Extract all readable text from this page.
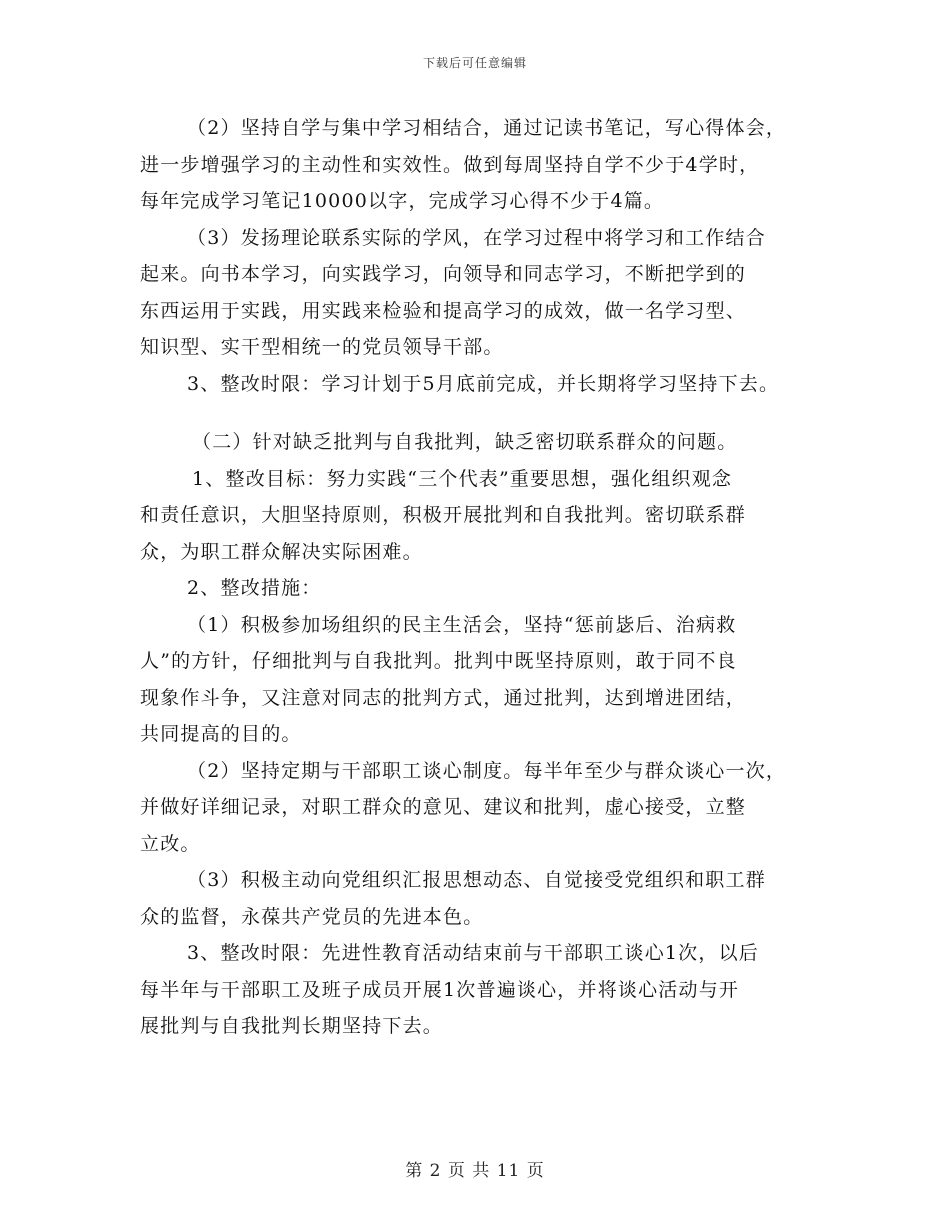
下载后可任意编辑
（2）坚持自学与集中学习相结合，通过记读书笔记，写心得体会，
进一步增强学习的主动性和实效性。做到每周坚持自学不少于4学时，
每年完成学习笔记10000以字，完成学习心得不少于4篇。
（3）发扬理论联系实际的学风，在学习过程中将学习和工作结合
起来。向书本学习，向实践学习，向领导和同志学习，不断把学到的
东西运用于实践，用实践来检验和提高学习的成效，做一名学习型、
知识型、实干型相统一的党员领导干部。
3、整改时限：学习计划于5月底前完成，并长期将学习坚持下去。
（二）针对缺乏批判与自我批判，缺乏密切联系群众的问题。
1、整改目标：努力实践“三个代表”重要思想，强化组织观念
和责任意识，大胆坚持原则，积极开展批判和自我批判。密切联系群
众，为职工群众解决实际困难。
2、整改措施：
（1）积极参加场组织的民主生活会，坚持“惩前毖后、治病救
人”的方针，仔细批判与自我批判。批判中既坚持原则，敢于同不良
现象作斗争，又注意对同志的批判方式，通过批判，达到增进团结，
共同提高的目的。
（2）坚持定期与干部职工谈心制度。每半年至少与群众谈心一次，
并做好详细记录，对职工群众的意见、建议和批判，虚心接受，立整
立改。
（3）积极主动向党组织汇报思想动态、自觉接受党组织和职工群
众的监督，永葆共产党员的先进本色。
3、整改时限：先进性教育活动结束前与干部职工谈心1次，以后
每半年与干部职工及班子成员开展1次普遍谈心，并将谈心活动与开
展批判与自我批判长期坚持下去。
第 2 页 共 11 页
